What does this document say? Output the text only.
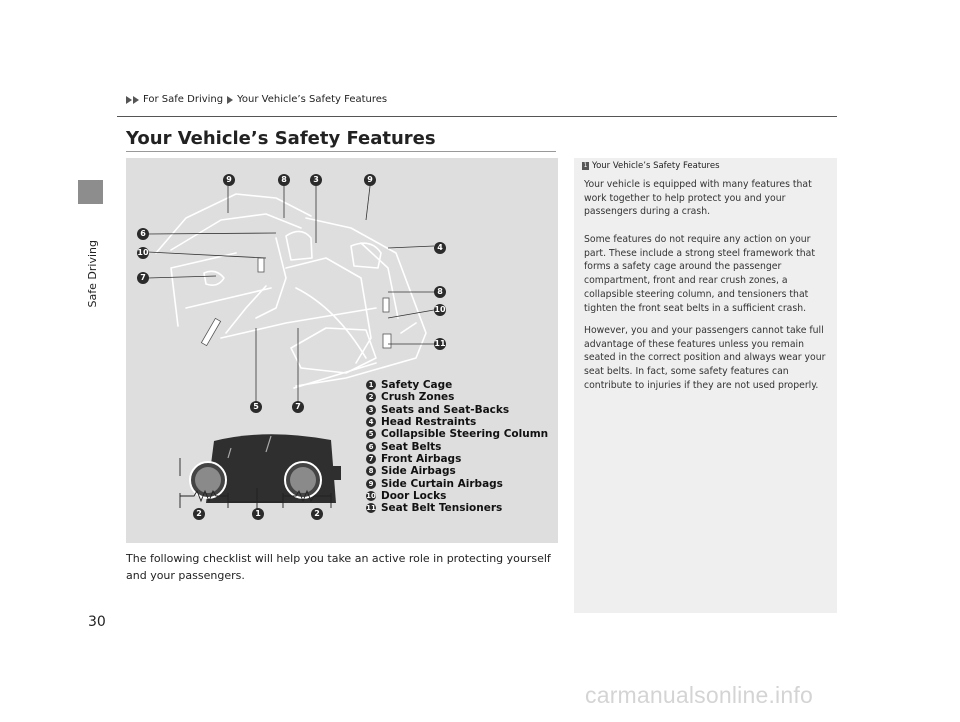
Safe Driving
For Safe Driving Your Vehicle’s Safety Features
Your Vehicle’s Safety Features
9	8	3	9
6
10
7
4
8
10
11
5	7
2	1	2
1 Safety Cage
2 Crush Zones
3 Seats and Seat-Backs
4 Head Restraints
5 Collapsible Steering Column
6 Seat Belts
7 Front Airbags
8 Side Airbags
9 Side Curtain Airbags
10 Door Locks
11 Seat Belt Tensioners

The following checklist will help you take an active role in protecting yourself and your passengers.

1 Your Vehicle’s Safety Features

Your vehicle is equipped with many features that work together to help protect you and your passengers during a crash.

Some features do not require any action on your part. These include a strong steel framework that forms a safety cage around the passenger compartment, front and rear crush zones, a collapsible steering column, and tensioners that tighten the front seat belts in a sufficient crash.

However, you and your passengers cannot take full advantage of these features unless you remain seated in the correct position and always wear your seat belts. In fact, some safety features can contribute to injuries if they are not used properly.

30
carmanualsonline.info
